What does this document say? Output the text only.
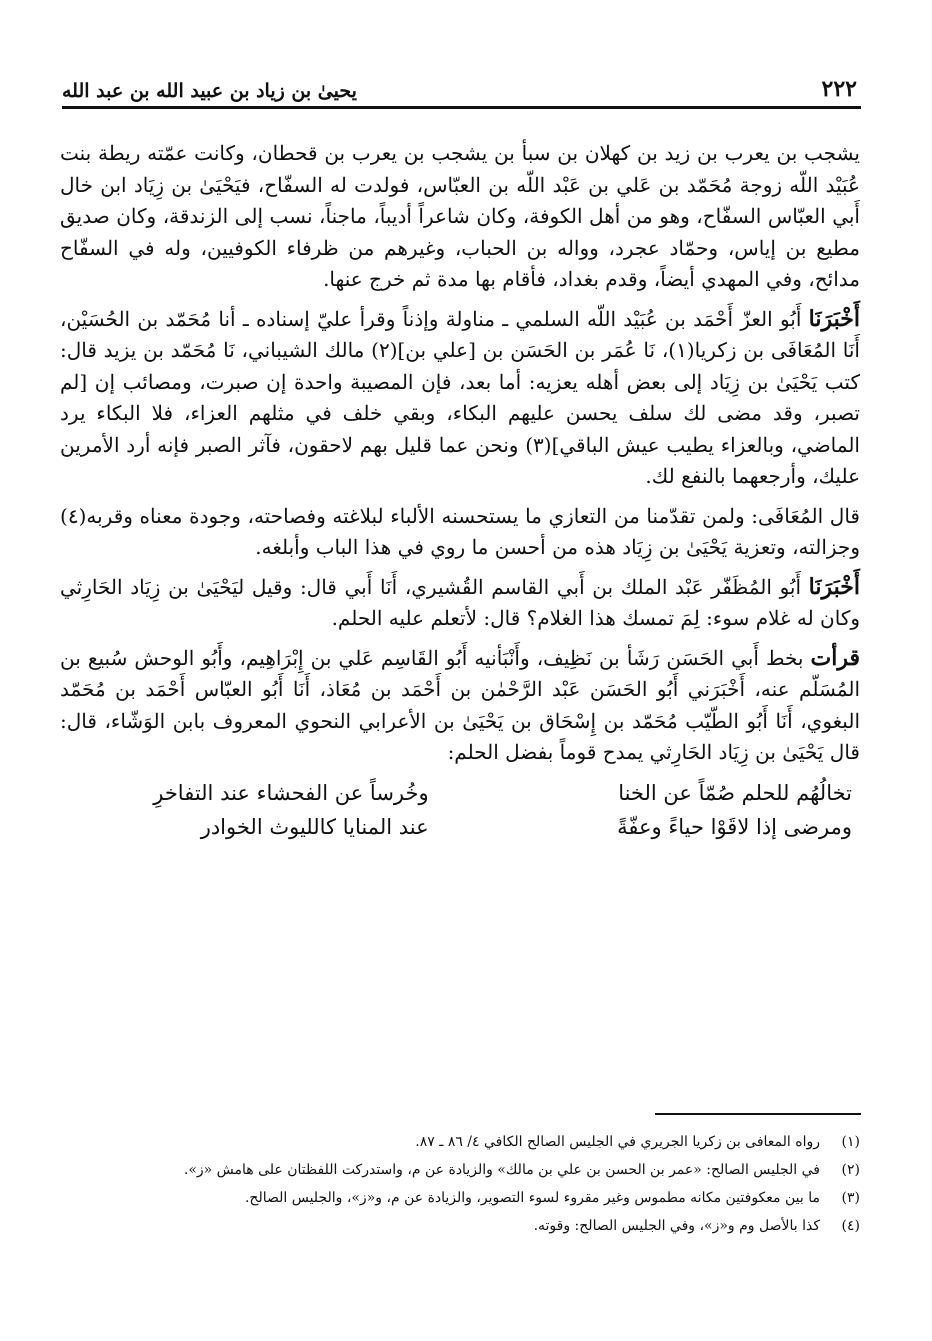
٢٢٢
يحيىٰ بن زياد بن عبيد الله بن عبد الله

يشجب بن يعرب بن زيد بن كهلان بن سبأ بن يشجب بن يعرب بن قحطان، وكانت عمّته ريطة بنت عُبَيْد اللّه زوجة مُحَمّد بن عَلي بن عَبْد اللّه بن العبّاس، فولدت له السفّاح، فيَحْيَىٰ بن زِيَاد ابن خال أَبي العبّاس السفّاح، وهو من أهل الكوفة، وكان شاعراً أديباً، ماجناً، نسب إلى الزندقة، وكان صديق مطيع بن إياس، وحمّاد عجرد، وواله بن الحباب، وغيرهم من ظرفاء الكوفيين، وله في السفّاح مدائح، وفي المهدي أيضاً، وقدم بغداد، فأقام بها مدة ثم خرج عنها.

أَخْبَرَنَا أَبُو العزّ أَحْمَد بن عُبَيْد اللّه السلمي ـ مناولة وإذناً وقرأ عليّ إسناده ـ أنا مُحَمّد بن الحُسَيْن، أَنَا المُعَافَى بن زكريا(١)، نَا عُمَر بن الحَسَن بن [علي بن](٢) مالك الشيباني، نَا مُحَمّد بن يزيد قال: كتب يَحْيَىٰ بن زِيَاد إلى بعض أهله يعزيه: أما بعد، فإن المصيبة واحدة إن صبرت، ومصائب إن [لم تصبر، وقد مضى لك سلف يحسن عليهم البكاء، وبقي خلف في مثلهم العزاء، فلا البكاء يرد الماضي، وبالعزاء يطيب عيش الباقي](٣) ونحن عما قليل بهم لاحقون، فآثر الصبر فإنه أرد الأمرين عليك، وأرجعهما بالنفع لك.

قال المُعَافَى: ولمن تقدّمنا من التعازي ما يستحسنه الألباء لبلاغته وفصاحته، وجودة معناه وقربه(٤) وجزالته، وتعزية يَحْيَىٰ بن زِيَاد هذه من أحسن ما روي في هذا الباب وأبلغه.

أَخْبَرَنَا أَبُو المُظَفّر عَبْد الملك بن أَبي القاسم القُشيري، أَنَا أَبي قال: وقيل ليَحْيَىٰ بن زِيَاد الحَارِثي وكان له غلام سوء: لِمَ تمسك هذا الغلام؟ قال: لأتعلم عليه الحلم.

قرأت بخط أَبي الحَسَن رَشَأ بن نَظِيف، وأَنْبَأنيه أَبُو القَاسِم عَلي بن إِبْرَاهِيم، وأَبُو الوحش سُبيع بن المُسَلّم عنه، أَخْبَرَني أَبُو الحَسَن عَبْد الرَّحْمٰن بن أَحْمَد بن مُعَاذ، أَنَا أَبُو العبّاس أَحْمَد بن مُحَمّد البغوي، أَنَا أَبُو الطّيّب مُحَمّد بن إِسْحَاق بن يَحْيَىٰ بن الأعرابي النحوي المعروف بابن الوَشّاء، قال: قال يَحْيَىٰ بن زِيَاد الحَارِثي يمدح قوماً بفضل الحلم:

تخالُهُم للحلم صُمّاً عن الخنا
وخُرساً عن الفحشاء عند التفاخرِ
ومرضى إذا لاقَوْا حياءً وعفّةً
عند المنايا كالليوث الخوادر
(١)
رواه المعافى بن زكريا الجريري في الجليس الصالح الكافي ٤/ ٨٦ ـ ٨٧.
(٢)
في الجليس الصالح: «عمر بن الحسن بن علي بن مالك» والزيادة عن م، واستدركت اللفظتان على هامش «ز».
(٣)
ما بين معكوفتين مكانه مطموس وغير مقروء لسوء التصوير، والزيادة عن م، و«ز»، والجليس الصالح.
(٤)
كذا بالأصل وم و«ز»، وفي الجليس الصالح: وقوته.
